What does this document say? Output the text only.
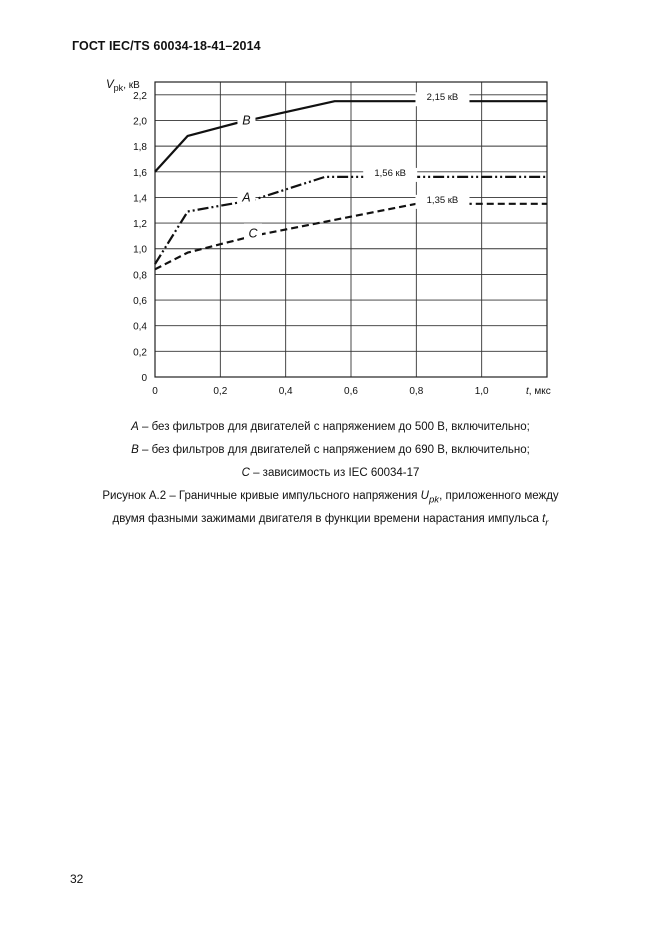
ГОСТ IEC/TS 60034-18-41–2014
0
0,2
0,4
0,6
0,8
1,0
1,2
1,4
1,6
1,8
2,0
2,2
0	0,2	0,4	0,6	0,8	1,0
$V_{pk}$, кВ
t, мкс
B
A
C
2,15 кВ
1,56 кВ
1,35 кВ
A – без фильтров для двигателей с напряжением до 500 В, включительно;
B – без фильтров для двигателей с напряжением до 690 В, включительно;
C – зависимость из IEC 60034-17
Рисунок А.2 – Граничные кривые импульсного напряжения $U_{pk}$, приложенного между
двумя фазными зажимами двигателя в функции времени нарастания импульса $t_r$
32
